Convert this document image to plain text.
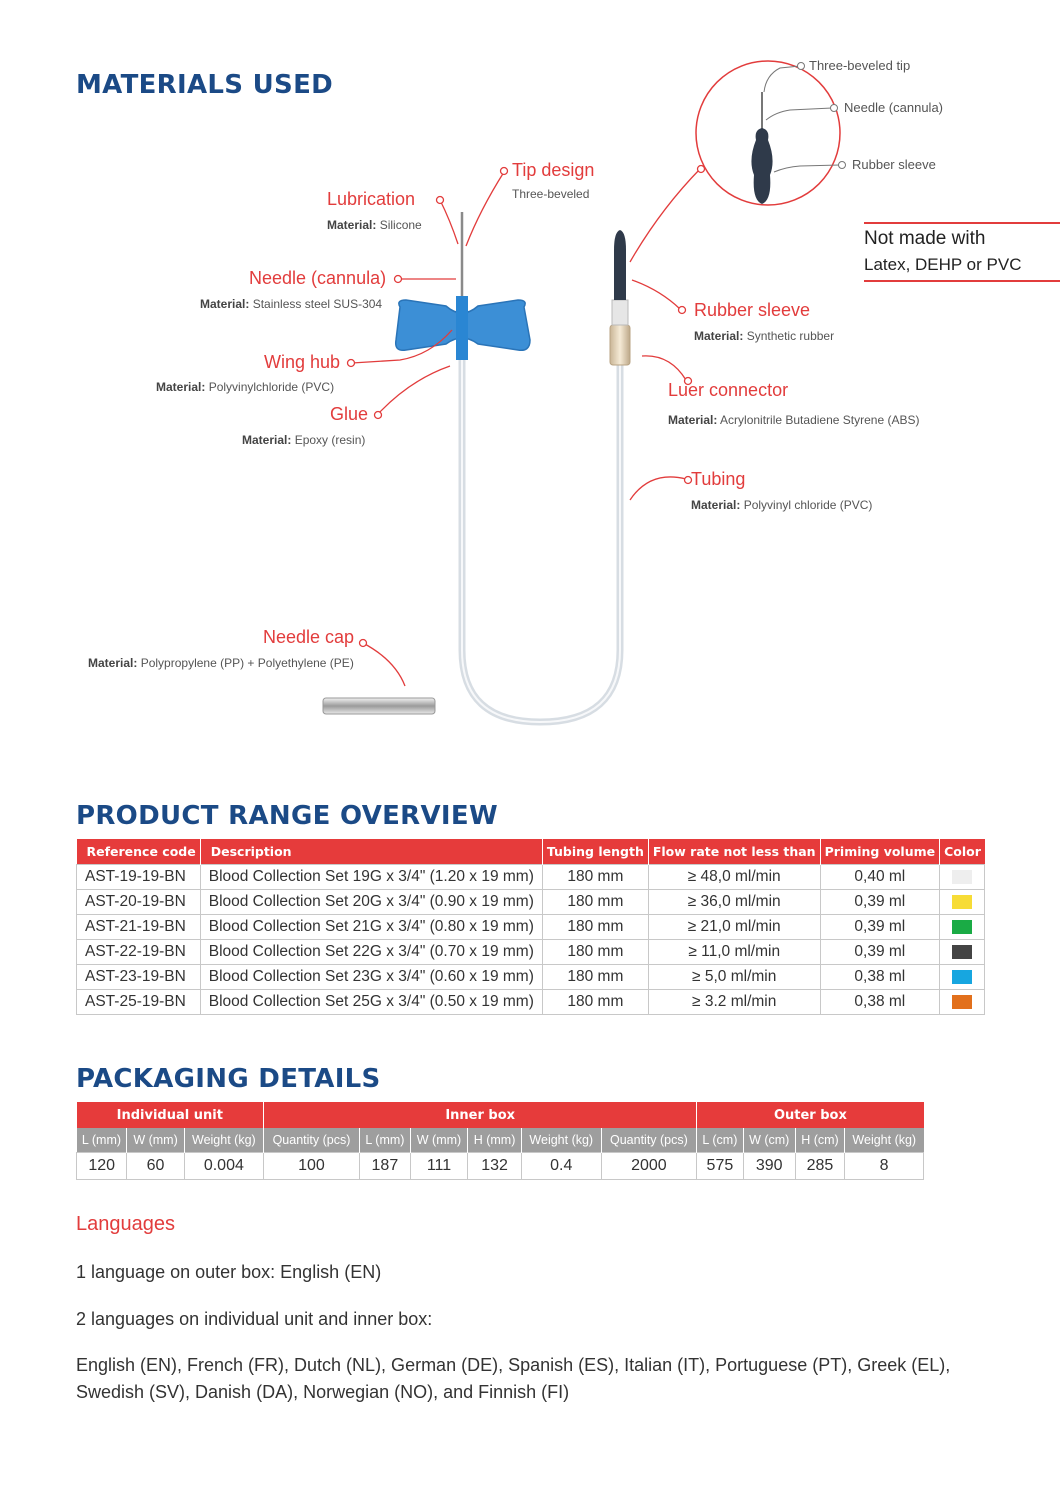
MATERIALS USED
Tip design
Three-beveled
Lubrication
Material: Silicone
Needle (cannula)
Material: Stainless steel SUS-304
Wing hub
Material: Polyvinylchloride (PVC)
Glue
Material: Epoxy (resin)
Rubber sleeve
Material: Synthetic rubber
Luer connector
Material: Acrylonitrile Butadiene Styrene (ABS)
Tubing
Material: Polyvinyl chloride (PVC)
Needle cap
Material: Polypropylene (PP) + Polyethylene (PE)
Three-beveled tip
Needle (cannula)
Rubber sleeve
Not made with
Latex, DEHP or PVC
PRODUCT RANGE OVERVIEW
Reference code	Description	Tubing length	Flow rate not less than	Priming volume	Color
AST-19-19-BN	Blood Collection Set 19G x 3/4" (1.20 x 19 mm)	180 mm	≥ 48,0 ml/min	0,40 ml	
AST-20-19-BN	Blood Collection Set 20G x 3/4" (0.90 x 19 mm)	180 mm	≥ 36,0 ml/min	0,39 ml	
AST-21-19-BN	Blood Collection Set 21G x 3/4" (0.80 x 19 mm)	180 mm	≥ 21,0 ml/min	0,39 ml	
AST-22-19-BN	Blood Collection Set 22G x 3/4" (0.70 x 19 mm)	180 mm	≥ 11,0 ml/min	0,39 ml	
AST-23-19-BN	Blood Collection Set 23G x 3/4" (0.60 x 19 mm)	180 mm	≥ 5,0 ml/min	0,38 ml	
AST-25-19-BN	Blood Collection Set 25G x 3/4" (0.50 x 19 mm)	180 mm	≥ 3.2 ml/min	0,38 ml	
PACKAGING DETAILS
Individual unit			Inner box						Outer box			
L (mm)	W (mm)	Weight (kg)	Quantity (pcs)	L (mm)	W (mm)	H (mm)	Weight (kg)	Quantity (pcs)	L (cm)	W (cm)	H (cm)	Weight (kg)
120	60	0.004	100	187	111	132	0.4	2000	575	390	285	8
Languages
1 language on outer box: English (EN)
2 languages on individual unit and inner box:
English (EN), French (FR), Dutch (NL), German (DE), Spanish (ES), Italian (IT), Portuguese (PT), Greek (EL),
Swedish (SV), Danish (DA), Norwegian (NO), and Finnish (FI)
